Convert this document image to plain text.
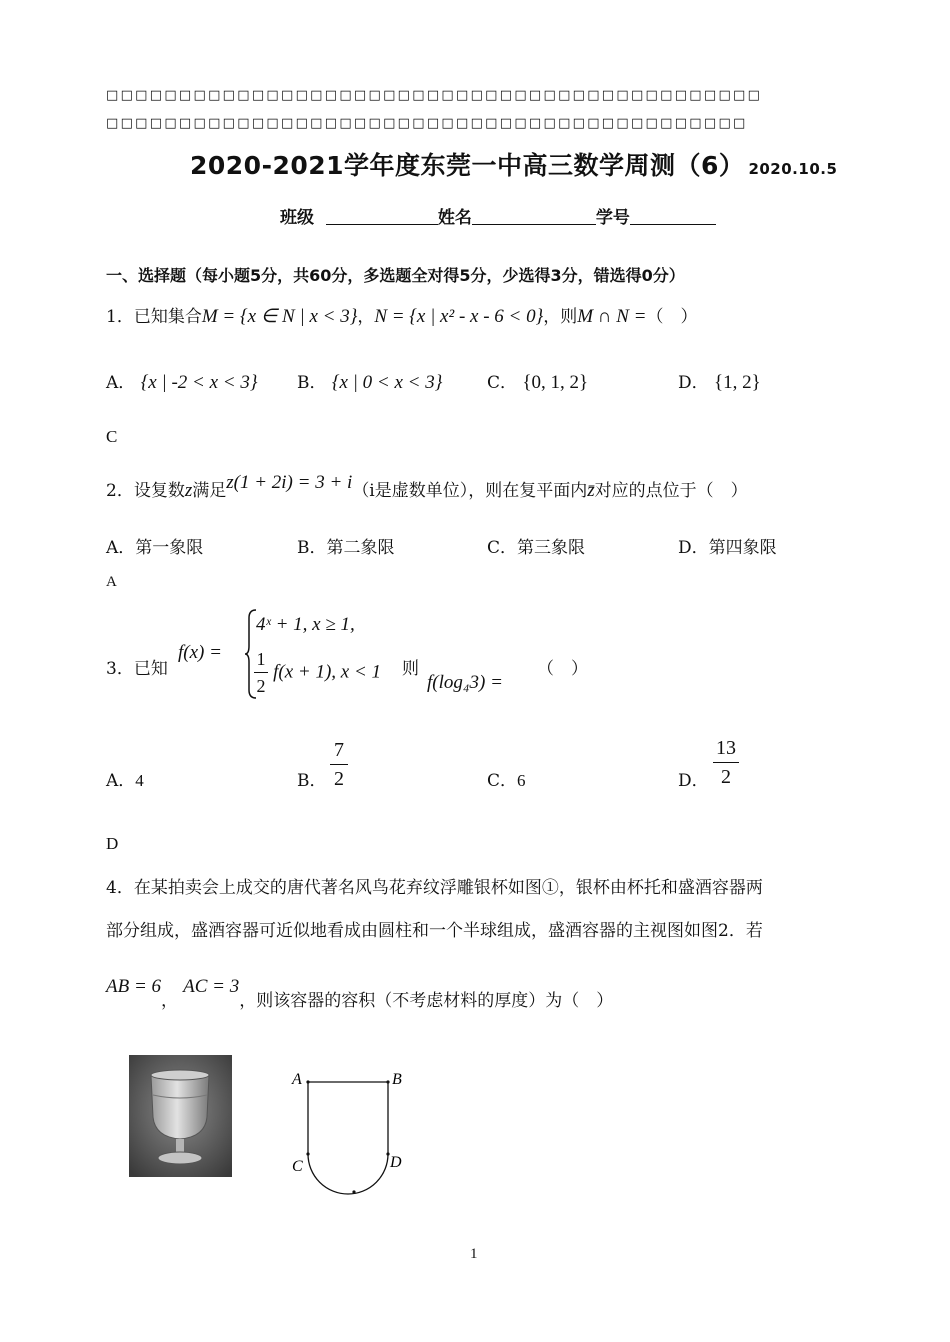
□□□□□□□□□□□□□□□□□□□□□□□□□□□□□□□□□□□□□□□□□□□□□
□□□□□□□□□□□□□□□□□□□□□□□□□□□□□□□□□□□□□□□□□□□□
2020-2021学年度东莞一中高三数学周测（6） 2020.10.5
班级	姓名	学号
一、选择题（每小题5分，共60分，多选题全对得5分，少选得3分，错选得0分）
1．已知集合M = {x ∈ N | x < 3}，N = {x | x² - x - 6 < 0}，则M ∩ N =（　）
A． {x | -2 < x < 3} B． {x | 0 < x < 3}	C． {0, 1, 2}	D． {1, 2}
C
2．设复数z满足z(1 + 2i) = 3 + i（i是虚数单位），则在复平面内z̄对应的点位于（　）
A．第一象限	B．第二象限	C．第三象限	D．第四象限
A
3．已知
f(x) =
4ˣ + 1, x ≥ 1,
$\frac{1}{2} f(x + 1)$, x < 1 则
f(log₄3) =
（　）
A．4	B． $\frac{7}{2}$	C．6	D． $\frac{13}{2}$
D
4．在某拍卖会上成交的唐代著名风鸟花弃纹浮雕银杯如图①，银杯由杯托和盛酒容器两
部分组成，盛酒容器可近似地看成由圆柱和一个半球组成，盛酒容器的主视图如图2．若
AB = 6， AC = 3，则该容器的容积（不考虑材料的厚度）为（　）
A	B
C	D
1
